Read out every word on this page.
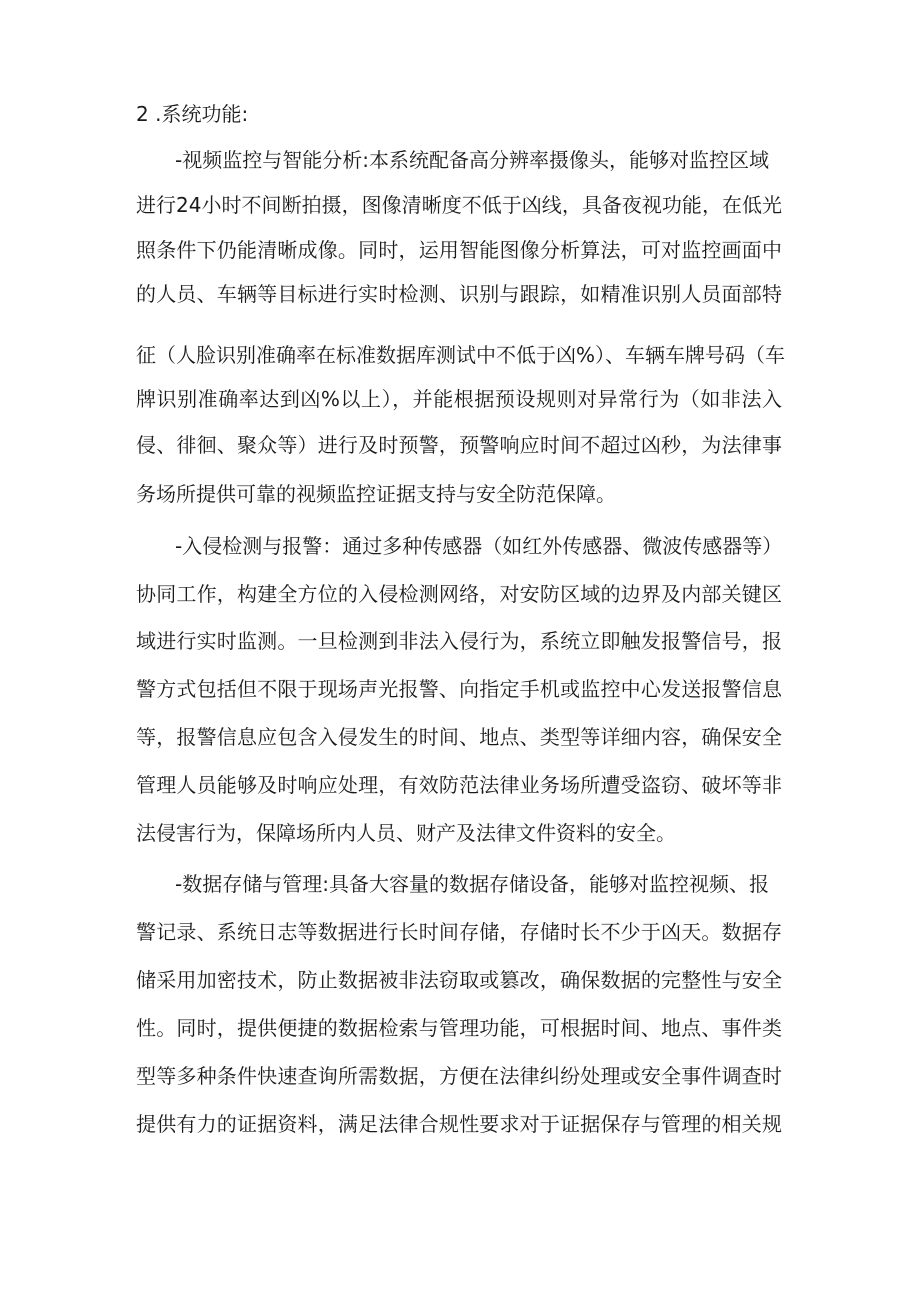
2 .系统功能:
-视频监控与智能分析:本系统配备高分辨率摄像头，能够对监控区域
进行24小时不间断拍摄，图像清晰度不低于凶线，具备夜视功能，在低光
照条件下仍能清晰成像。同时，运用智能图像分析算法，可对监控画面中
的人员、车辆等目标进行实时检测、识别与跟踪，如精准识别人员面部特
征（人脸识别准确率在标准数据库测试中不低于凶%）、车辆车牌号码（车
牌识别准确率达到凶%以上），并能根据预设规则对异常行为（如非法入
侵、徘徊、聚众等）进行及时预警，预警响应时间不超过凶秒，为法律事
务场所提供可靠的视频监控证据支持与安全防范保障。
-入侵检测与报警：通过多种传感器（如红外传感器、微波传感器等）
协同工作，构建全方位的入侵检测网络，对安防区域的边界及内部关键区
域进行实时监测。一旦检测到非法入侵行为，系统立即触发报警信号，报
警方式包括但不限于现场声光报警、向指定手机或监控中心发送报警信息
等，报警信息应包含入侵发生的时间、地点、类型等详细内容，确保安全
管理人员能够及时响应处理，有效防范法律业务场所遭受盗窃、破坏等非
法侵害行为，保障场所内人员、财产及法律文件资料的安全。
-数据存储与管理:具备大容量的数据存储设备，能够对监控视频、报
警记录、系统日志等数据进行长时间存储，存储时长不少于凶天。数据存
储采用加密技术，防止数据被非法窃取或篡改，确保数据的完整性与安全
性。同时，提供便捷的数据检索与管理功能，可根据时间、地点、事件类
型等多种条件快速查询所需数据，方便在法律纠纷处理或安全事件调查时
提供有力的证据资料，满足法律合规性要求对于证据保存与管理的相关规
